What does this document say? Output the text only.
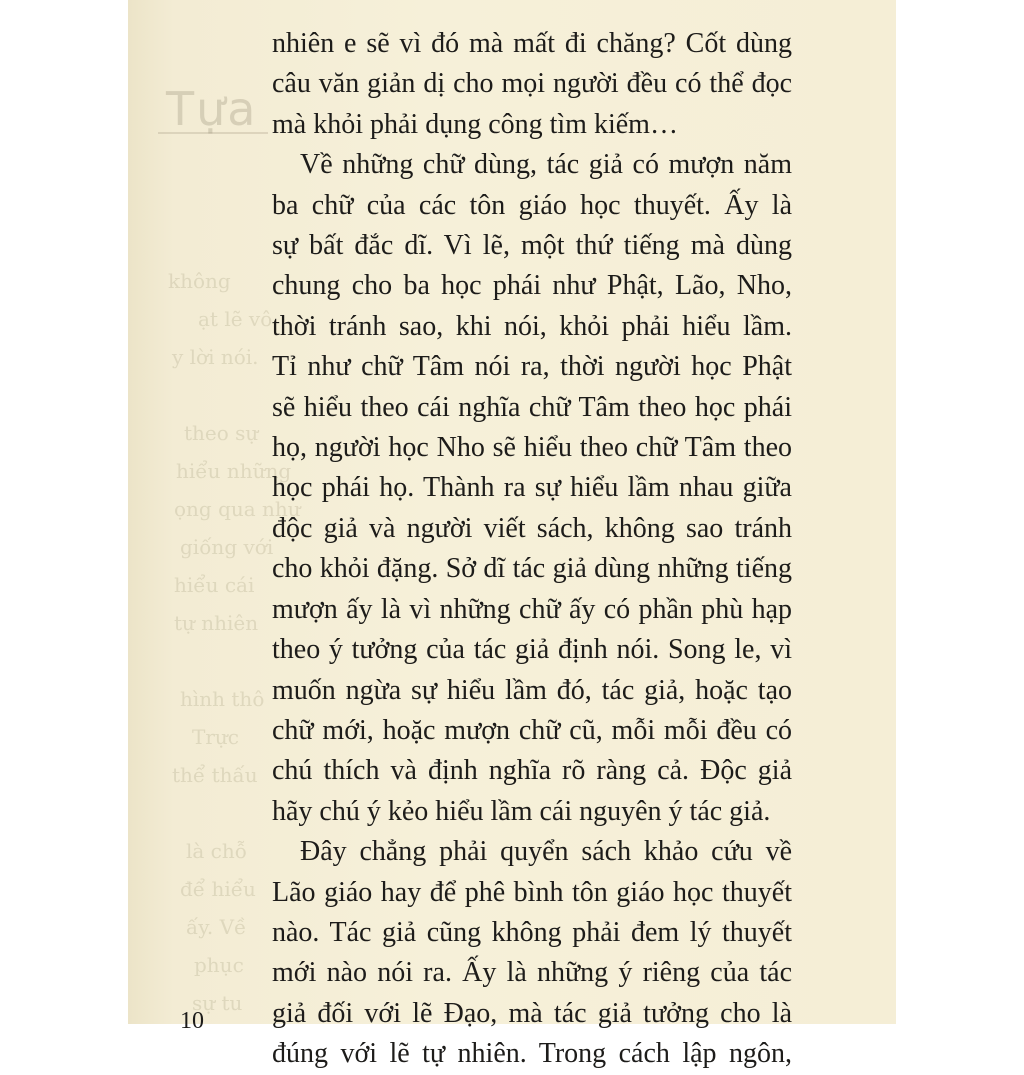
Tựa
không
ạt lẽ vô
y lời nói.
theo sự
hiểu những
ọng qua như
giống với
hiểu cái
tự nhiên
hình thô
Trực
thể thấu
là chỗ
để hiểu
ấy. Về
phục
sự tu
nhiên e sẽ vì đó mà mất đi chăng? Cốt dùng
câu văn giản dị cho mọi người đều có thể đọc
mà khỏi phải dụng công tìm kiếm…
Về những chữ dùng, tác giả có mượn năm
ba chữ của các tôn giáo học thuyết. Ấy là
sự bất đắc dĩ. Vì lẽ, một thứ tiếng mà dùng
chung cho ba học phái như Phật, Lão, Nho,
thời tránh sao, khi nói, khỏi phải hiểu lầm.
Tỉ như chữ Tâm nói ra, thời người học Phật
sẽ hiểu theo cái nghĩa chữ Tâm theo học phái
họ, người học Nho sẽ hiểu theo chữ Tâm theo
học phái họ. Thành ra sự hiểu lầm nhau giữa
độc giả và người viết sách, không sao tránh
cho khỏi đặng. Sở dĩ tác giả dùng những tiếng
mượn ấy là vì những chữ ấy có phần phù hạp
theo ý tưởng của tác giả định nói. Song le, vì
muốn ngừa sự hiểu lầm đó, tác giả, hoặc tạo
chữ mới, hoặc mượn chữ cũ, mỗi mỗi đều có
chú thích và định nghĩa rõ ràng cả. Độc giả
hãy chú ý kẻo hiểu lầm cái nguyên ý tác giả.
Đây chẳng phải quyển sách khảo cứu về
Lão giáo hay để phê bình tôn giáo học thuyết
nào. Tác giả cũng không phải đem lý thuyết
mới nào nói ra. Ấy là những ý riêng của tác
giả đối với lẽ Đạo, mà tác giả tưởng cho là
đúng với lẽ tự nhiên. Trong cách lập ngôn,
10
